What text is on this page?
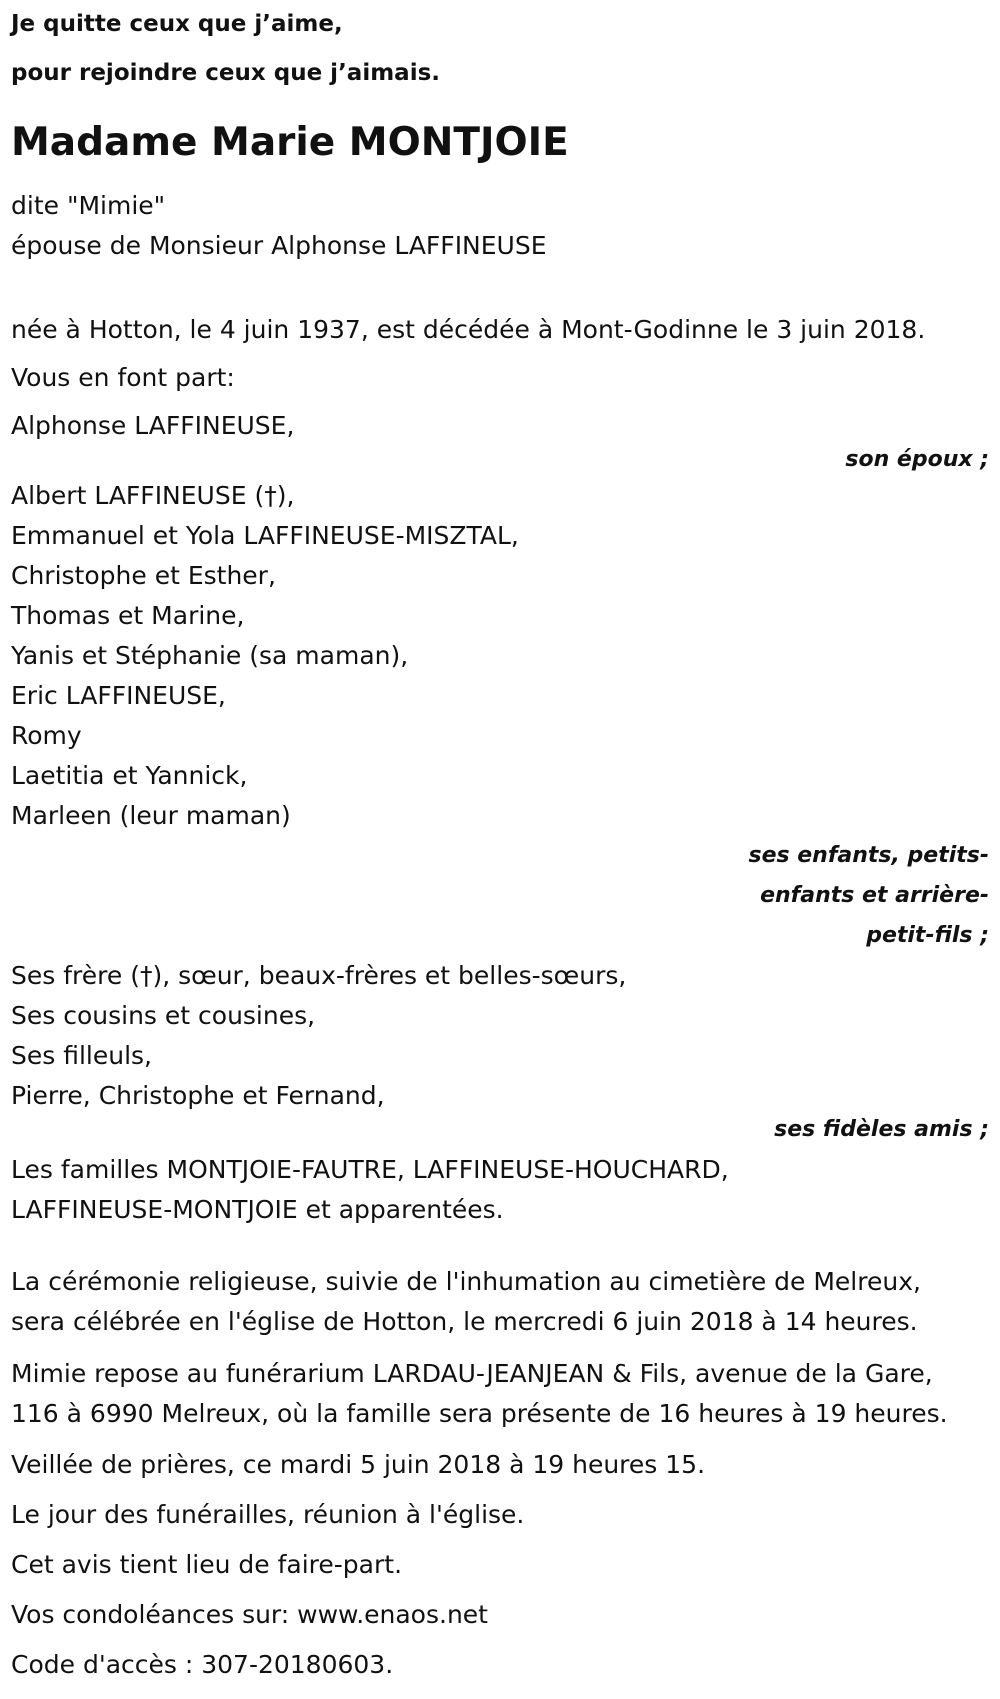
Je quitte ceux que j’aime,
pour rejoindre ceux que j’aimais.
Madame Marie MONTJOIE
dite "Mimie"
épouse de Monsieur Alphonse LAFFINEUSE
née à Hotton, le 4 juin 1937, est décédée à Mont-Godinne le 3 juin 2018.
Vous en font part:
Alphonse LAFFINEUSE,
son époux ;
Albert LAFFINEUSE (†),
Emmanuel et Yola LAFFINEUSE-MISZTAL,
Christophe et Esther,
Thomas et Marine,
Yanis et Stéphanie (sa maman),
Eric LAFFINEUSE,
Romy
Laetitia et Yannick,
Marleen (leur maman)
ses enfants, petits-
enfants et arrière-
petit-fils ;
Ses frère (†), sœur, beaux-frères et belles-sœurs,
Ses cousins et cousines,
Ses filleuls,
Pierre, Christophe et Fernand,
ses fidèles amis ;
Les familles MONTJOIE-FAUTRE, LAFFINEUSE-HOUCHARD,
LAFFINEUSE-MONTJOIE et apparentées.
La cérémonie religieuse, suivie de l'inhumation au cimetière de Melreux,
sera célébrée en l'église de Hotton, le mercredi 6 juin 2018 à 14 heures.
Mimie repose au funérarium LARDAU-JEANJEAN & Fils, avenue de la Gare,
116 à 6990 Melreux, où la famille sera présente de 16 heures à 19 heures.
Veillée de prières, ce mardi 5 juin 2018 à 19 heures 15.
Le jour des funérailles, réunion à l'église.
Cet avis tient lieu de faire-part.
Vos condoléances sur: www.enaos.net
Code d'accès : 307-20180603.
